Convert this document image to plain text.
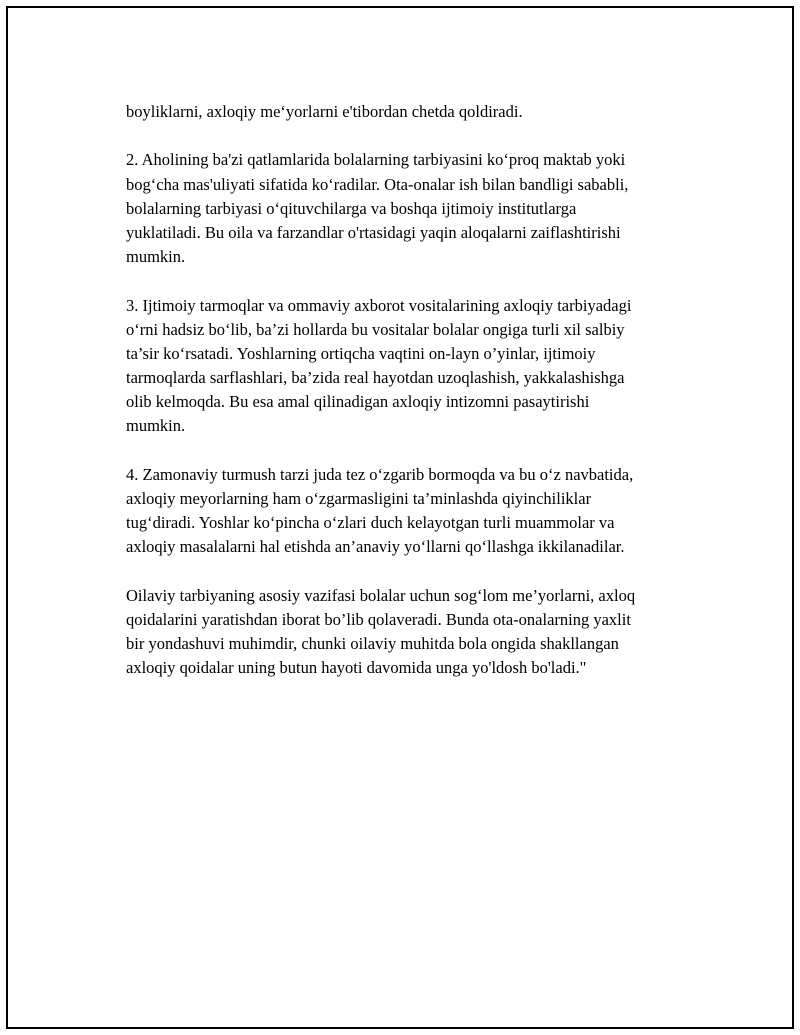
boyliklarni, axloqiy me‘yorlarni e'tibordan chetda qoldiradi.

2. Aholining ba'zi qatlamlarida bolalarning tarbiyasini ko‘proq maktab yoki
bog‘cha mas'uliyati sifatida ko‘radilar. Ota-onalar ish bilan bandligi sababli,
bolalarning tarbiyasi o‘qituvchilarga va boshqa ijtimoiy institutlarga
yuklatiladi. Bu oila va farzandlar o'rtasidagi yaqin aloqalarni zaiflashtirishi
mumkin.

3. Ijtimoiy tarmoqlar va ommaviy axborot vositalarining axloqiy tarbiyadagi
o‘rni hadsiz bo‘lib, ba’zi hollarda bu vositalar bolalar ongiga turli xil salbiy
ta’sir ko‘rsatadi. Yoshlarning ortiqcha vaqtini on-layn o’yinlar, ijtimoiy
tarmoqlarda sarflashlari, ba’zida real hayotdan uzoqlashish, yakkalashishga
olib kelmoqda. Bu esa amal qilinadigan axloqiy intizomni pasaytirishi
mumkin.

4. Zamonaviy turmush tarzi juda tez o‘zgarib bormoqda va bu o‘z navbatida,
axloqiy meyorlarning ham o‘zgarmasligini ta’minlashda qiyinchiliklar
tug‘diradi. Yoshlar ko‘pincha o‘zlari duch kelayotgan turli muammolar va
axloqiy masalalarni hal etishda an’anaviy yo‘llarni qo‘llashga ikkilanadilar.

Oilaviy tarbiyaning asosiy vazifasi bolalar uchun sog‘lom me’yorlarni, axloq
qoidalarini yaratishdan iborat bo’lib qolaveradi. Bunda ota-onalarning yaxlit
bir yondashuvi muhimdir, chunki oilaviy muhitda bola ongida shakllangan
axloqiy qoidalar uning butun hayoti davomida unga yo'ldosh bo'ladi."
